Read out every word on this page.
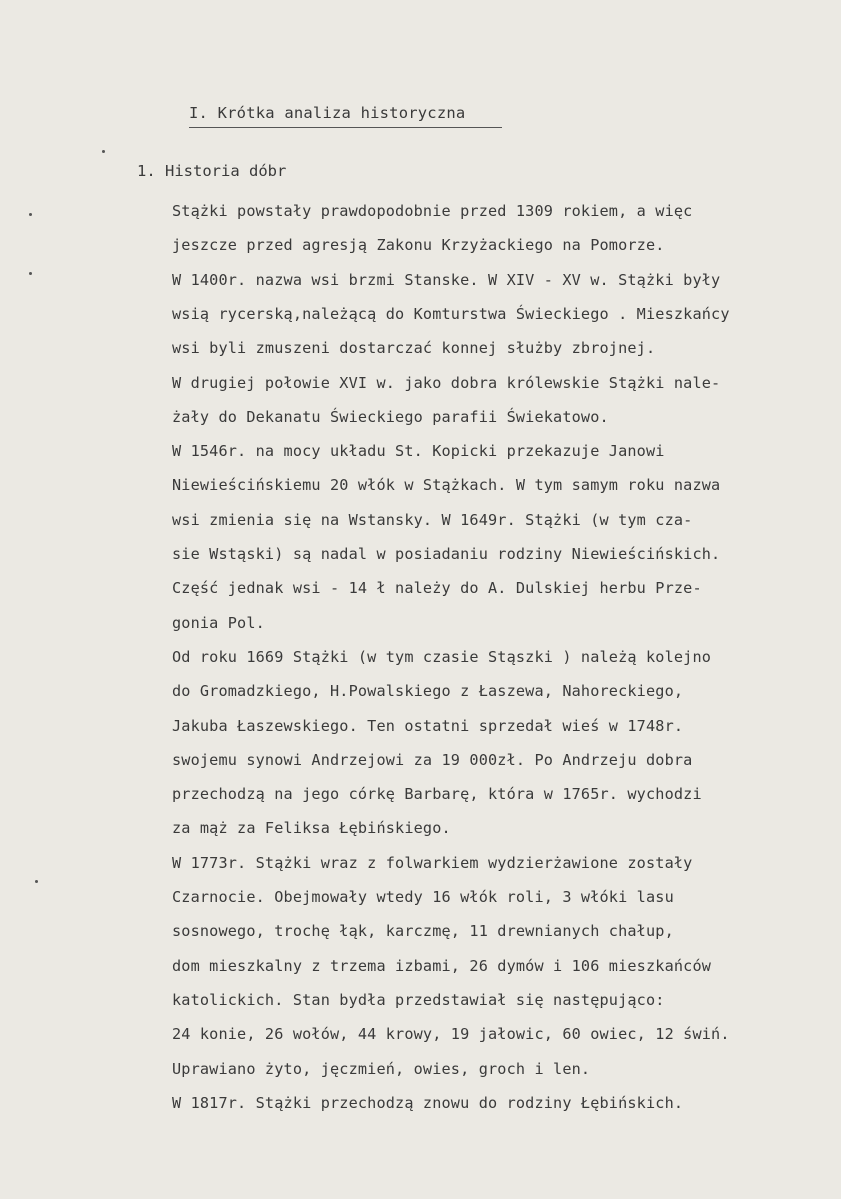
I. Krótka analiza historyczna
1. Historia dóbr
Stążki powstały prawdopodobnie przed 1309 rokiem, a więc
jeszcze przed agresją Zakonu Krzyżackiego na Pomorze.
W 1400r. nazwa wsi brzmi Stanske. W XIV - XV w. Stążki były
wsią rycerską,należącą do Komturstwa Świeckiego . Mieszkańcy
wsi byli zmuszeni dostarczać konnej służby zbrojnej.
W drugiej połowie XVI w. jako dobra królewskie Stążki nale-
żały do Dekanatu Świeckiego parafii Świekatowo.
W 1546r. na mocy układu St. Kopicki przekazuje Janowi
Niewieścińskiemu 20 włók w Stążkach. W tym samym roku nazwa
wsi zmienia się na Wstansky. W 1649r. Stążki (w tym cza-
sie Wstąski) są nadal w posiadaniu rodziny Niewieścińskich.
Część jednak wsi - 14 ł należy do A. Dulskiej herbu Prze-
gonia Pol.
Od roku 1669 Stążki (w tym czasie Stąszki ) należą kolejno
do Gromadzkiego, H.Powalskiego z Łaszewa, Nahoreckiego,
Jakuba Łaszewskiego. Ten ostatni sprzedał wieś w 1748r.
swojemu synowi Andrzejowi za 19 000zł. Po Andrzeju dobra
przechodzą na jego córkę Barbarę, która w 1765r. wychodzi
za mąż za Feliksa Łębińskiego.
W 1773r. Stążki wraz z folwarkiem wydzierżawione zostały
Czarnocie. Obejmowały wtedy 16 włók roli, 3 włóki lasu
sosnowego, trochę łąk, karczmę, 11 drewnianych chałup,
dom mieszkalny z trzema izbami, 26 dymów i 106 mieszkańców
katolickich. Stan bydła przedstawiał się następująco:
24 konie, 26 wołów, 44 krowy, 19 jałowic, 60 owiec, 12 świń.
Uprawiano żyto, jęczmień, owies, groch i len.
W 1817r. Stążki przechodzą znowu do rodziny Łębińskich.
